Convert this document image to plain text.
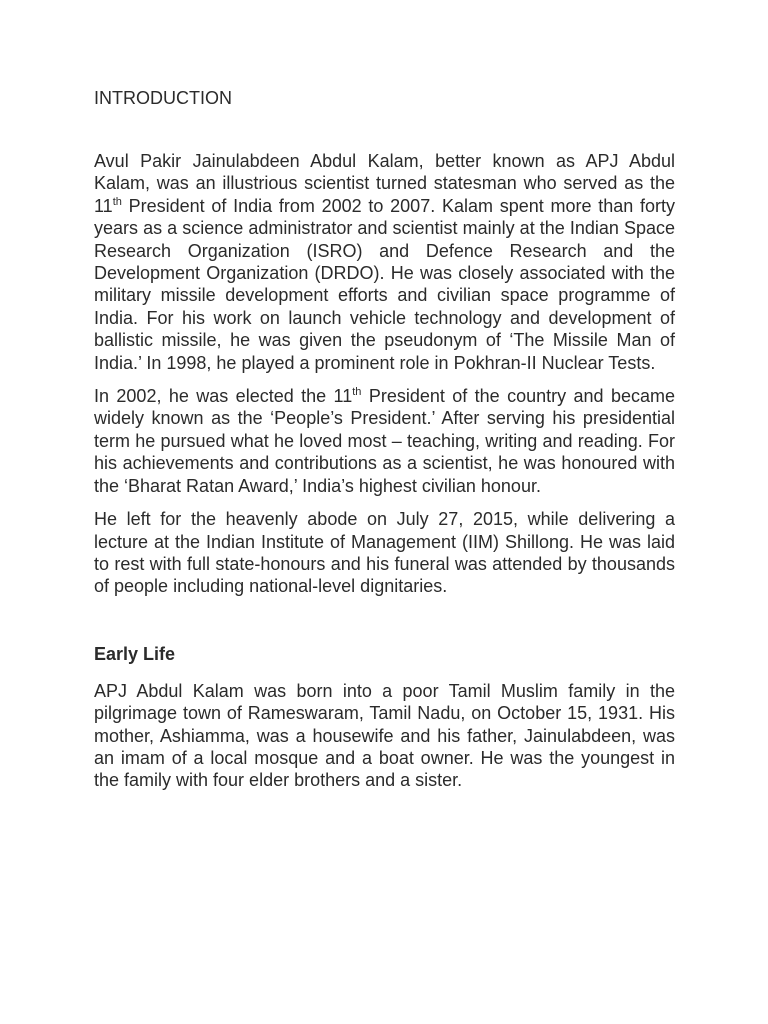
INTRODUCTION

Avul Pakir Jainulabdeen Abdul Kalam, better known as APJ Abdul Kalam, was an illustrious scientist turned statesman who served as the 11th President of India from 2002 to 2007. Kalam spent more than forty years as a science administrator and scientist mainly at the Indian Space Research Organization (ISRO) and Defence Research and the Development Organization (DRDO). He was closely associated with the military missile development efforts and civilian space programme of India. For his work on launch vehicle technology and development of ballistic missile, he was given the pseudonym of ‘The Missile Man of India.’ In 1998, he played a prominent role in Pokhran-II Nuclear Tests.

In 2002, he was elected the 11th President of the country and became widely known as the ‘People’s President.’ After serving his presidential term he pursued what he loved most – teaching, writing and reading. For his achievements and contributions as a scientist, he was honoured with the ‘Bharat Ratan Award,’ India’s highest civilian honour.

He left for the heavenly abode on July 27, 2015, while delivering a lecture at the Indian Institute of Management (IIM) Shillong. He was laid to rest with full state-honours and his funeral was attended by thousands of people including national-level dignitaries.

Early Life

APJ Abdul Kalam was born into a poor Tamil Muslim family in the pilgrimage town of Rameswaram, Tamil Nadu, on October 15, 1931. His mother, Ashiamma, was a housewife and his father, Jainulabdeen, was an imam of a local mosque and a boat owner. He was the youngest in the family with four elder brothers and a sister.
